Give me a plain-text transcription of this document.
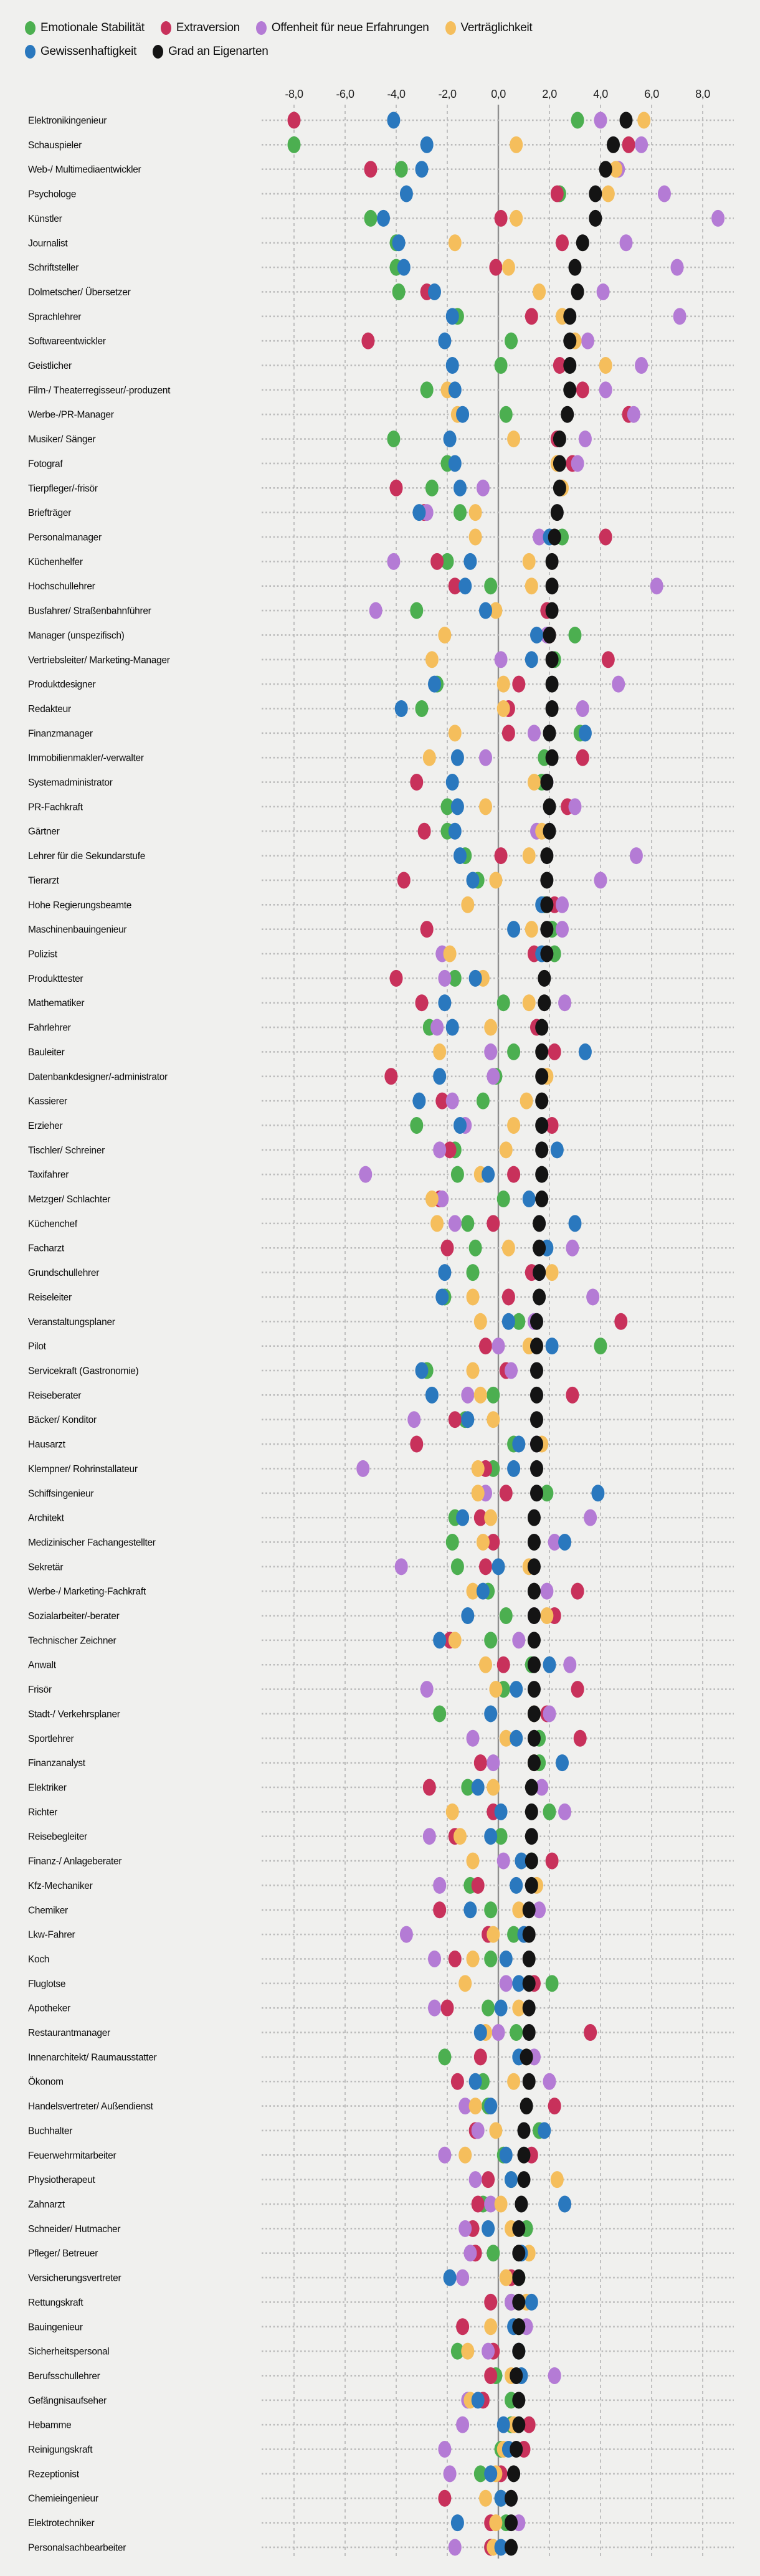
-8,0	-6,0	-4,0	-2,0	0,0	2,0	4,0	6,0	8,0
Elektronikingenieur
Schauspieler
Web-/ Multimediaentwickler
Psychologe
Künstler
Journalist
Schriftsteller
Dolmetscher/ Übersetzer
Sprachlehrer
Softwareentwickler
Geistlicher
Film-/ Theaterregisseur/-produzent
Werbe-/PR-Manager
Musiker/ Sänger
Fotograf
Tierpfleger/-frisör
Briefträger
Personalmanager
Küchenhelfer
Hochschullehrer
Busfahrer/ Straßenbahnführer
Manager (unspezifisch)
Vertriebsleiter/ Marketing-Manager
Produktdesigner
Redakteur
Finanzmanager
Immobilienmakler/-verwalter
Systemadministrator
PR-Fachkraft
Gärtner
Lehrer für die Sekundarstufe
Tierarzt
Hohe Regierungsbeamte
Maschinenbauingenieur
Polizist
Produkttester
Mathematiker
Fahrlehrer
Bauleiter
Datenbankdesigner/-administrator
Kassierer
Erzieher
Tischler/ Schreiner
Taxifahrer
Metzger/ Schlachter
Küchenchef
Facharzt
Grundschullehrer
Reiseleiter
Veranstaltungsplaner
Pilot
Servicekraft (Gastronomie)
Reiseberater
Bäcker/ Konditor
Hausarzt
Klempner/ Rohrinstallateur
Schiffsingenieur
Architekt
Medizinischer Fachangestellter
Sekretär
Werbe-/ Marketing-Fachkraft
Sozialarbeiter/-berater
Technischer Zeichner
Anwalt
Frisör
Stadt-/ Verkehrsplaner
Sportlehrer
Finanzanalyst
Elektriker
Richter
Reisebegleiter
Finanz-/ Anlageberater
Kfz-Mechaniker
Chemiker
Lkw-Fahrer
Koch
Fluglotse
Apotheker
Restaurantmanager
Innenarchitekt/ Raumausstatter
Ökonom
Handelsvertreter/ Außendienst
Buchhalter
Feuerwehrmitarbeiter
Physiotherapeut
Zahnarzt
Schneider/ Hutmacher
Pfleger/ Betreuer
Versicherungsvertreter
Rettungskraft
Bauingenieur
Sicherheitspersonal
Berufsschullehrer
Gefängnisaufseher
Hebamme
Reinigungskraft
Rezeptionist
Chemieingenieur
Elektrotechniker
Personalsachbearbeiter
Emotionale Stabilität	Extraversion	Offenheit für neue Erfahrungen	Verträglichkeit
Gewissenhaftigkeit	Grad an Eigenarten
